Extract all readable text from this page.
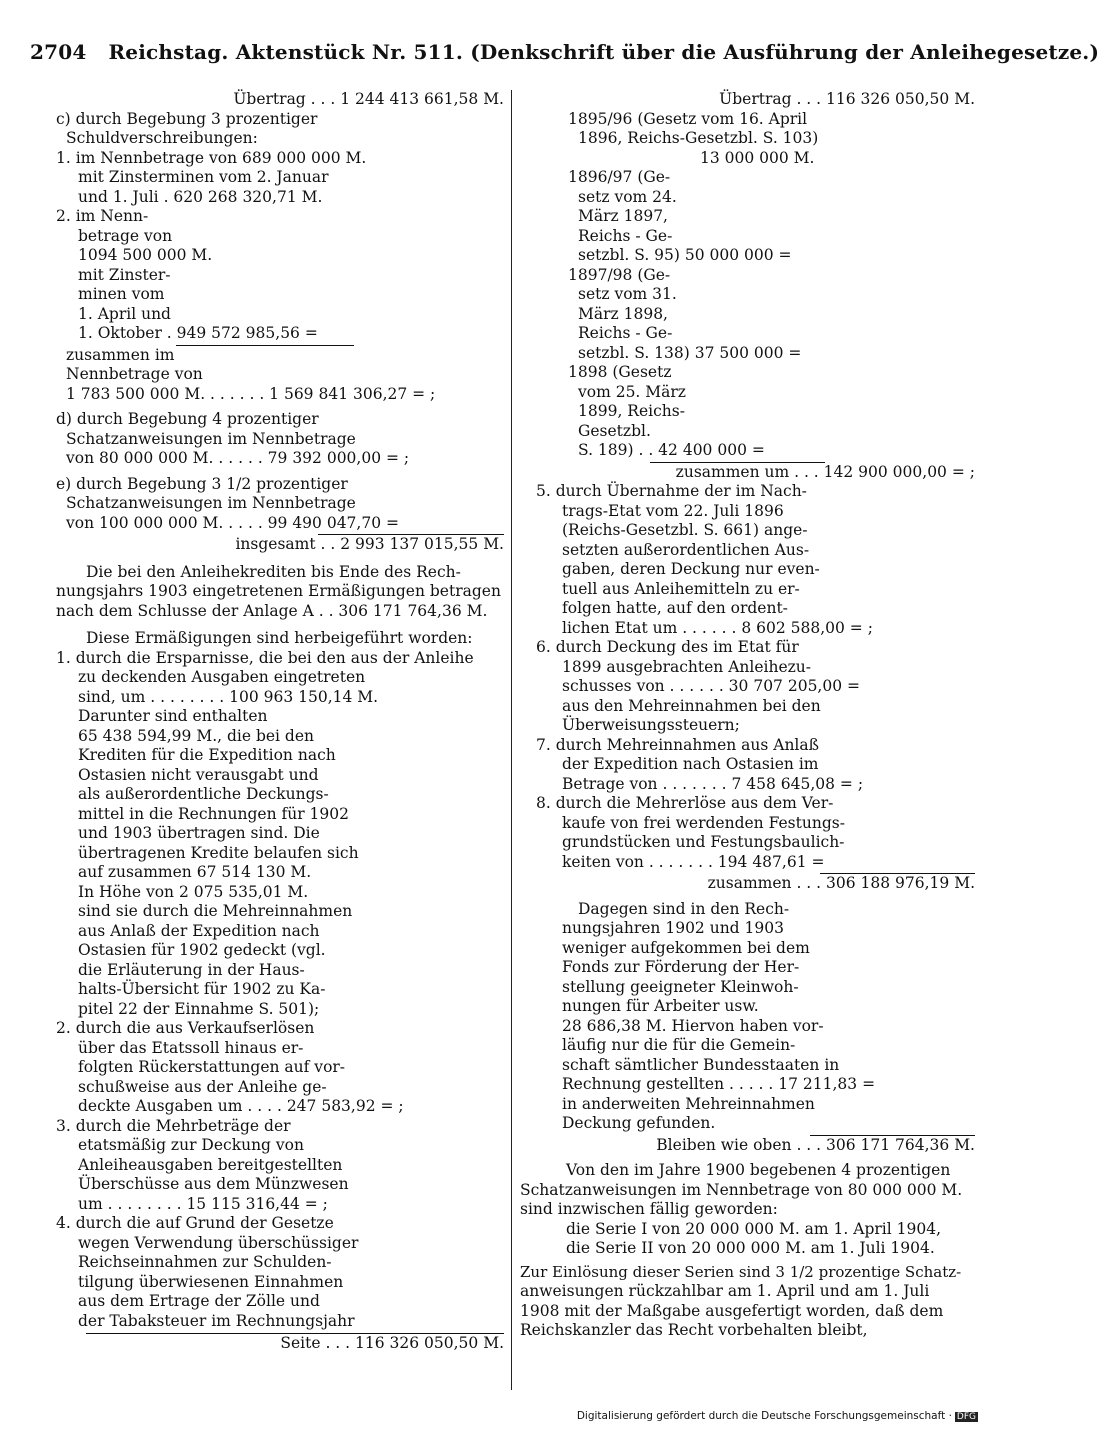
2704 Reichstag. Aktenstück Nr. 511. (Denkschrift über die Ausführung der Anleihegesetze.)
Übertrag . . . 1 244 413 661,58 M.
c) durch Begebung 3 prozentiger
Schuldverschreibungen:
1. im Nennbetrage von 689 000 000 M.
mit Zinsterminen vom 2. Januar
und 1. Juli . 620 268 320,71 M.
2. im Nenn-
betrage von
1094 500 000 M.
mit Zinster-
minen vom
1. April und
1. Oktober . 949 572 985,56 =
zusammen im
Nennbetrage von
1 783 500 000 M. . . . . . . 1 569 841 306,27 = ;
d) durch Begebung 4 prozentiger
Schatzanweisungen im Nennbetrage
von 80 000 000 M. . . . . . 79 392 000,00 = ;
e) durch Begebung 3 1/2 prozentiger
Schatzanweisungen im Nennbetrage
von 100 000 000 M. . . . . 99 490 047,70 =
insgesamt . . 2 993 137 015,55 M.
Die bei den Anleihekrediten bis Ende des Rech-
nungsjahrs 1903 eingetretenen Ermäßigungen betragen
nach dem Schlusse der Anlage A . . 306 171 764,36 M.
Diese Ermäßigungen sind herbeigeführt worden:
1. durch die Ersparnisse, die bei den aus der Anleihe
zu deckenden Ausgaben eingetreten
sind, um . . . . . . . . 100 963 150,14 M.
Darunter sind enthalten
65 438 594,99 M., die bei den
Krediten für die Expedition nach
Ostasien nicht verausgabt und
als außerordentliche Deckungs-
mittel in die Rechnungen für 1902
und 1903 übertragen sind. Die
übertragenen Kredite belaufen sich
auf zusammen 67 514 130 M.
In Höhe von 2 075 535,01 M.
sind sie durch die Mehreinnahmen
aus Anlaß der Expedition nach
Ostasien für 1902 gedeckt (vgl.
die Erläuterung in der Haus-
halts-Übersicht für 1902 zu Ka-
pitel 22 der Einnahme S. 501);
2. durch die aus Verkaufserlösen
über das Etatssoll hinaus er-
folgten Rückerstattungen auf vor-
schußweise aus der Anleihe ge-
deckte Ausgaben um . . . . 247 583,92 = ;
3. durch die Mehrbeträge der
etatsmäßig zur Deckung von
Anleiheausgaben bereitgestellten
Überschüsse aus dem Münzwesen
um . . . . . . . . 15 115 316,44 = ;
4. durch die auf Grund der Gesetze
wegen Verwendung überschüssiger
Reichseinnahmen zur Schulden-
tilgung überwiesenen Einnahmen
aus dem Ertrage der Zölle und
der Tabaksteuer im Rechnungsjahr
Seite . . . 116 326 050,50 M.
Übertrag . . . 116 326 050,50 M.
1895/96 (Gesetz vom 16. April
1896, Reichs-Gesetzbl. S. 103)
13 000 000 M.
1896/97 (Ge-
setz vom 24.
März 1897,
Reichs - Ge-
setzbl. S. 95) 50 000 000 =
1897/98 (Ge-
setz vom 31.
März 1898,
Reichs - Ge-
setzbl. S. 138) 37 500 000 =
1898 (Gesetz
vom 25. März
1899, Reichs-
Gesetzbl.
S. 189) . . 42 400 000 =
zusammen um . . . 142 900 000,00 = ;
5. durch Übernahme der im Nach-
trags-Etat vom 22. Juli 1896
(Reichs-Gesetzbl. S. 661) ange-
setzten außerordentlichen Aus-
gaben, deren Deckung nur even-
tuell aus Anleihemitteln zu er-
folgen hatte, auf den ordent-
lichen Etat um . . . . . . 8 602 588,00 = ;
6. durch Deckung des im Etat für
1899 ausgebrachten Anleihezu-
schusses von . . . . . . 30 707 205,00 =
aus den Mehreinnahmen bei den
Überweisungssteuern;
7. durch Mehreinnahmen aus Anlaß
der Expedition nach Ostasien im
Betrage von . . . . . . . 7 458 645,08 = ;
8. durch die Mehrerlöse aus dem Ver-
kaufe von frei werdenden Festungs-
grundstücken und Festungsbaulich-
keiten von . . . . . . . 194 487,61 =
zusammen . . . 306 188 976,19 M.
Dagegen sind in den Rech-
nungsjahren 1902 und 1903
weniger aufgekommen bei dem
Fonds zur Förderung der Her-
stellung geeigneter Kleinwoh-
nungen für Arbeiter usw.
28 686,38 M. Hiervon haben vor-
läufig nur die für die Gemein-
schaft sämtlicher Bundesstaaten in
Rechnung gestellten . . . . . 17 211,83 =
in anderweiten Mehreinnahmen
Deckung gefunden.
Bleiben wie oben . . . 306 171 764,36 M.
Von den im Jahre 1900 begebenen 4 prozentigen
Schatzanweisungen im Nennbetrage von 80 000 000 M.
sind inzwischen fällig geworden:
die Serie I von 20 000 000 M. am 1. April 1904,
die Serie II von 20 000 000 M. am 1. Juli 1904.
Zur Einlösung dieser Serien sind 3 1/2 prozentige Schatz-
anweisungen rückzahlbar am 1. April und am 1. Juli
1908 mit der Maßgabe ausgefertigt worden, daß dem
Reichskanzler das Recht vorbehalten bleibt,
Digitalisierung gefördert durch die Deutsche Forschungsgemeinschaft · DFG
